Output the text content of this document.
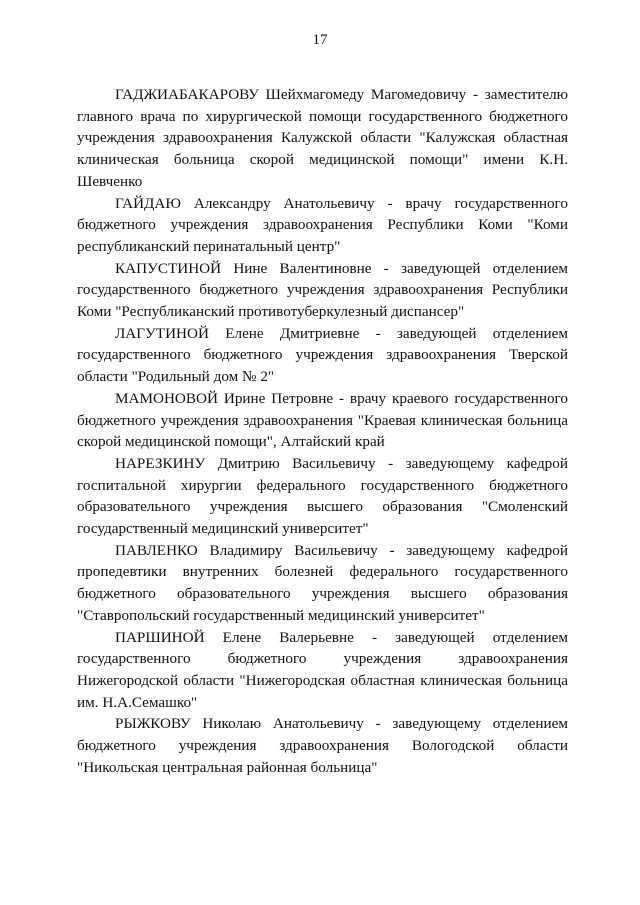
17

ГАДЖИАБАКАРОВУ Шейхмагомеду Магомедовичу - заместителю главного врача по хирургической помощи государственного бюджетного учреждения здравоохранения Калужской области "Калужская областная клиническая больница скорой медицинской помощи" имени К.Н. Шевченко

ГАЙДАЮ Александру Анатольевичу - врачу государственного бюджетного учреждения здравоохранения Республики Коми "Коми республиканский перинатальный центр"

КАПУСТИНОЙ Нине Валентиновне - заведующей отделением государственного бюджетного учреждения здравоохранения Республики Коми "Республиканский противотуберкулезный диспансер"

ЛАГУТИНОЙ Елене Дмитриевне - заведующей отделением государственного бюджетного учреждения здравоохранения Тверской области "Родильный дом № 2"

МАМОНОВОЙ Ирине Петровне - врачу краевого государственного бюджетного учреждения здравоохранения "Краевая клиническая больница скорой медицинской помощи", Алтайский край

НАРЕЗКИНУ Дмитрию Васильевичу - заведующему кафедрой госпитальной хирургии федерального государственного бюджетного образовательного учреждения высшего образования "Смоленский государственный медицинский университет"

ПАВЛЕНКО Владимиру Васильевичу - заведующему кафедрой пропедевтики внутренних болезней федерального государственного бюджетного образовательного учреждения высшего образования "Ставропольский государственный медицинский университет"

ПАРШИНОЙ Елене Валерьевне - заведующей отделением государственного бюджетного учреждения здравоохранения Нижегородской области "Нижегородская областная клиническая больница им. Н.А.Семашко"

РЫЖКОВУ Николаю Анатольевичу - заведующему отделением бюджетного учреждения здравоохранения Вологодской области "Никольская центральная районная больница"
